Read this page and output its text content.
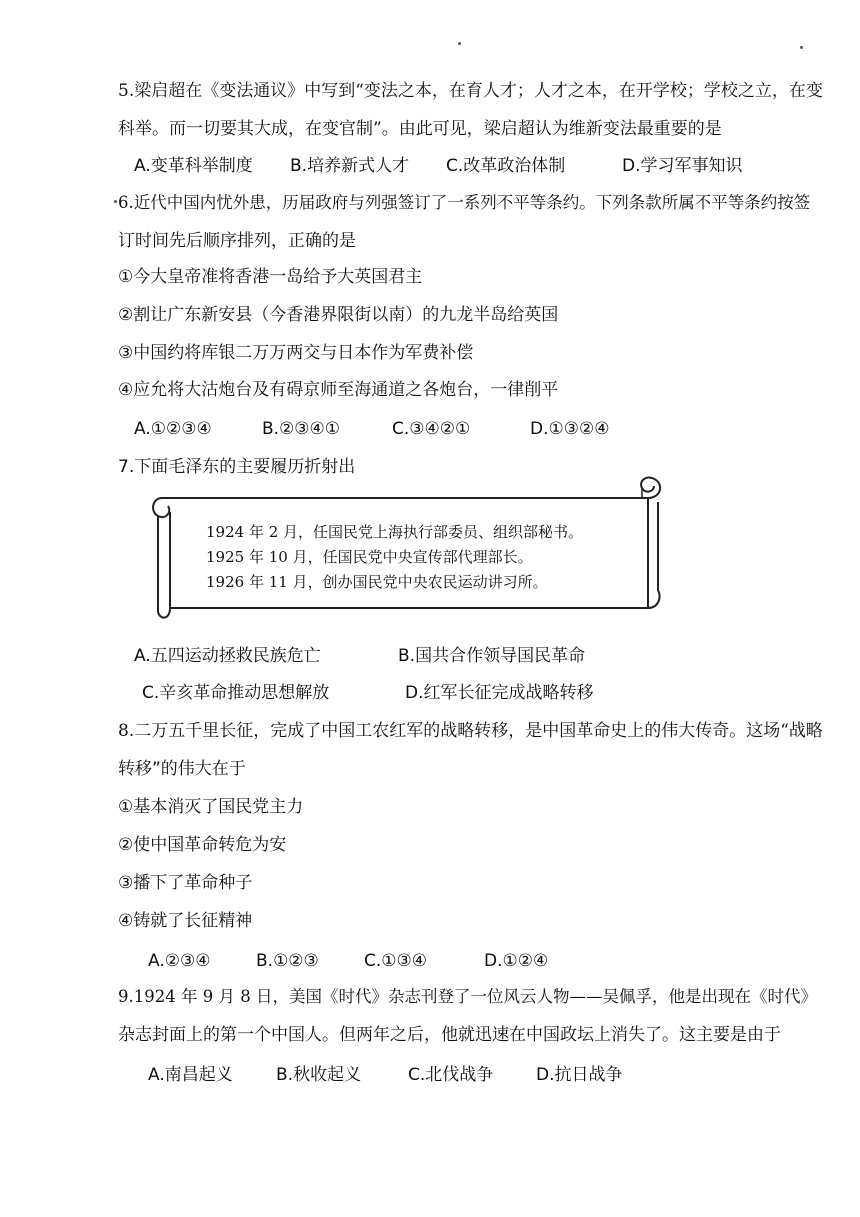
5.梁启超在《变法通议》中写到“变法之本，在育人才；人才之本，在开学校；学校之立，在变
科举。而一切要其大成，在变官制”。由此可见，梁启超认为维新变法最重要的是
A.变革科举制度 B.培养新式人才 C.改革政治体制	D.学习军事知识
6.近代中国内忧外患，历届政府与列强签订了一系列不平等条约。下列条款所属不平等条约按签
订时间先后顺序排列，正确的是
①今大皇帝准将香港一岛给予大英国君主
②割让广东新安县（今香港界限街以南）的九龙半岛给英国
③中国约将库银二万万两交与日本作为军费补偿
④应允将大沽炮台及有碍京师至海通道之各炮台，一律削平
A.①②③④	B.②③④①	C.③④②①	D.①③②④
7.下面毛泽东的主要履历折射出
1924 年 2 月，任国民党上海执行部委员、组织部秘书。
1925 年 10 月，任国民党中央宣传部代理部长。
1926 年 11 月，创办国民党中央农民运动讲习所。
A.五四运动拯救民族危亡	B.国共合作领导国民革命
C.辛亥革命推动思想解放	D.红军长征完成战略转移
8.二万五千里长征，完成了中国工农红军的战略转移，是中国革命史上的伟大传奇。这场“战略
转移”的伟大在于
①基本消灭了国民党主力
②使中国革命转危为安
③播下了革命种子
④铸就了长征精神
A.②③④	B.①②③	C.①③④	D.①②④
9.1924 年 9 月 8 日，美国《时代》杂志刊登了一位风云人物——吴佩孚，他是出现在《时代》
杂志封面上的第一个中国人。但两年之后，他就迅速在中国政坛上消失了。这主要是由于
A.南昌起义	B.秋收起义	C.北伐战争	D.抗日战争
